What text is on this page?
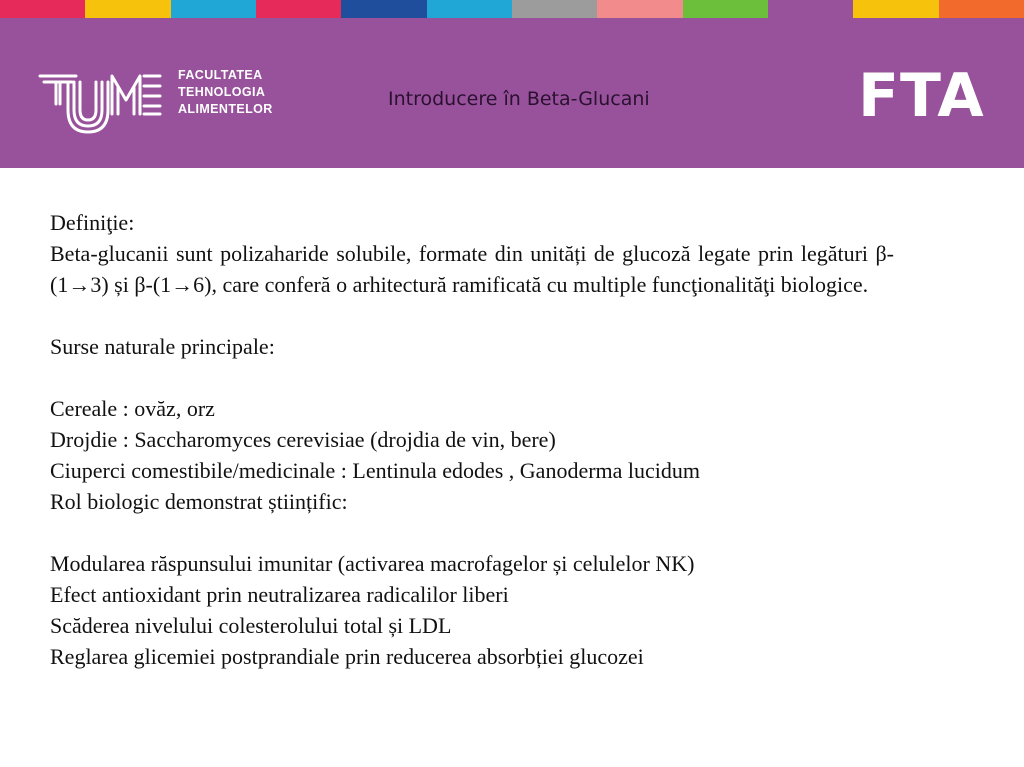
FACULTATEA
TEHNOLOGIA
ALIMENTELOR	Introducere în Beta-Glucani	FTA

Definiţie:

Beta-glucanii sunt polizaharide solubile, formate din unități de glucoză legate prin legături β-(1→3) și β-(1→6), care conferă o arhitectură ramificată cu multiple funcţionalităţi biologice.

Surse naturale principale:

Cereale : ovăz, orz

Drojdie : Saccharomyces cerevisiae (drojdia de vin, bere)

Ciuperci comestibile/medicinale : Lentinula edodes , Ganoderma lucidum

Rol biologic demonstrat științific:

Modularea răspunsului imunitar (activarea macrofagelor și celulelor NK)

Efect antioxidant prin neutralizarea radicalilor liberi

Scăderea nivelului colesterolului total și LDL

Reglarea glicemiei postprandiale prin reducerea absorbției glucozei
